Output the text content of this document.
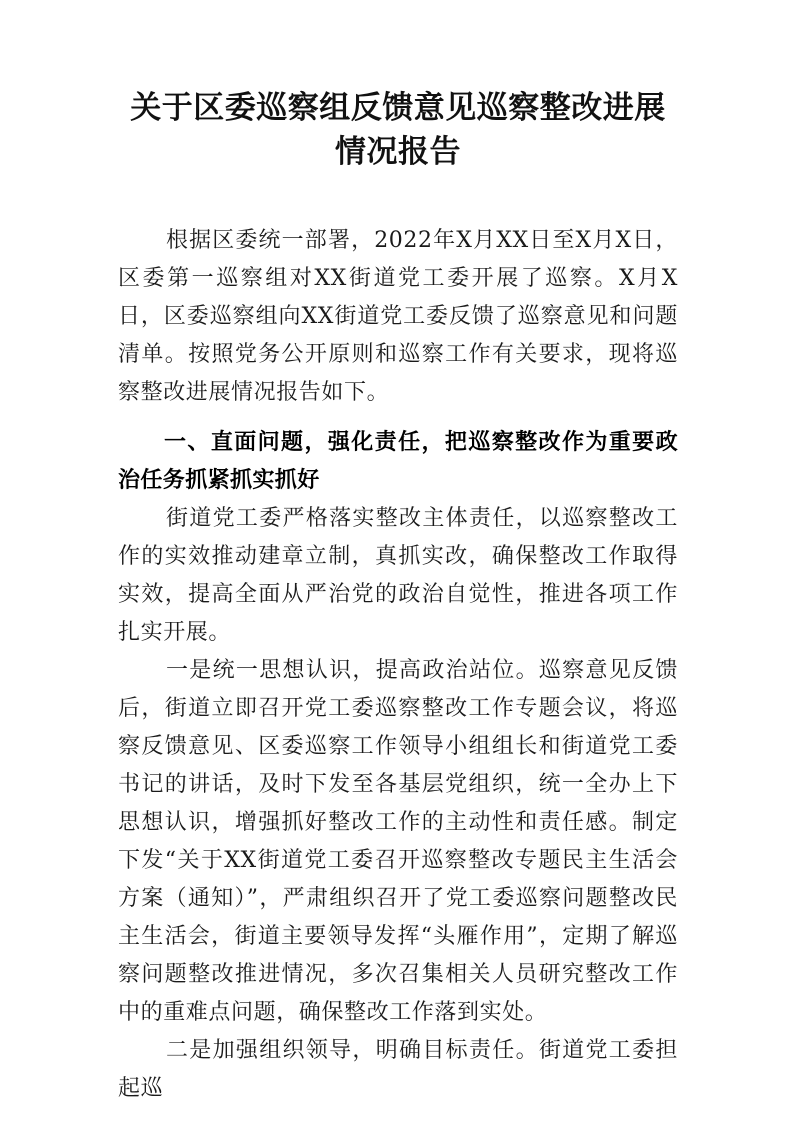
关于区委巡察组反馈意见巡察整改进展情况报告

根据区委统一部署，2022年X月XX日至X月X日，区委第一巡察组对XX街道党工委开展了巡察。X月X日，区委巡察组向XX街道党工委反馈了巡察意见和问题清单。按照党务公开原则和巡察工作有关要求，现将巡察整改进展情况报告如下。

一、直面问题，强化责任，把巡察整改作为重要政治任务抓紧抓实抓好

街道党工委严格落实整改主体责任，以巡察整改工作的实效推动建章立制，真抓实改，确保整改工作取得实效，提高全面从严治党的政治自觉性，推进各项工作扎实开展。

一是统一思想认识，提高政治站位。巡察意见反馈后，街道立即召开党工委巡察整改工作专题会议，将巡察反馈意见、区委巡察工作领导小组组长和街道党工委书记的讲话，及时下发至各基层党组织，统一全办上下思想认识，增强抓好整改工作的主动性和责任感。制定下发“关于XX街道党工委召开巡察整改专题民主生活会方案（通知）”，严肃组织召开了党工委巡察问题整改民主生活会，街道主要领导发挥“头雁作用”，定期了解巡察问题整改推进情况，多次召集相关人员研究整改工作中的重难点问题，确保整改工作落到实处。

二是加强组织领导，明确目标责任。街道党工委担起巡
